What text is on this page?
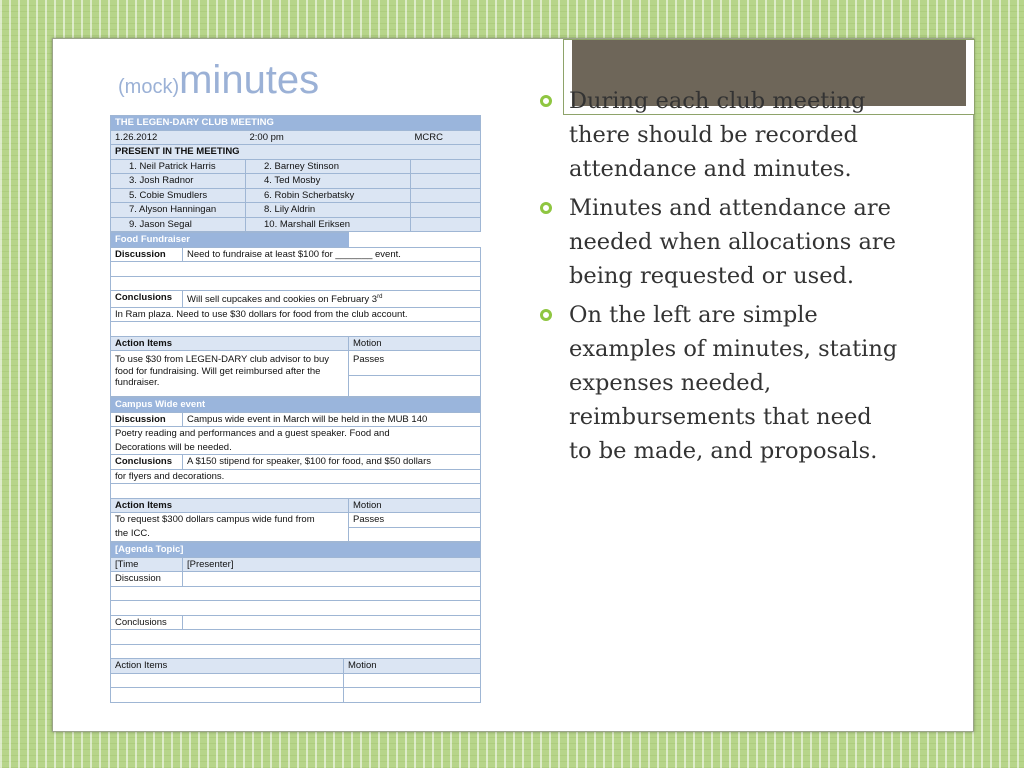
(mock)minutes
THE LEGEN-DARY CLUB MEETING		
1.26.2012	2:00 pm	MCRC
PRESENT IN THE MEETING		
1. Neil Patrick Harris	2. Barney Stinson	
3. Josh Radnor	4. Ted Mosby	
5. Cobie Smudlers	6. Robin Scherbatsky	
7. Alyson Hanningan	8. Lily Aldrin	
9. Jason Segal	10. Marshall Eriksen	
Food Fundraiser		
Discussion	Need to fundraise at least $100 for _______ event.	

Conclusions	Will sell cupcakes and cookies on February 3rd
In Ram plaza. Need to use $30 dollars for food from the club account.		

Action Items		Motion
To use $30 from LEGEN-DARY club advisor to buy food for fundraising. Will get reimbursed after the fundraiser.		Passes

Campus Wide event		
Discussion	Campus wide event in March will be held in the MUB 140	
Poetry reading and performances and a guest speaker. Food and		
Decorations will be needed.		
Conclusions	A $150 stipend for speaker, $100 for food, and $50 dollars	
for flyers and decorations.		

Action Items		Motion
To request $300 dollars campus wide fund from		Passes
the ICC.		
[Agenda Topic]		
[Time	[Presenter]	
Discussion		

Conclusions		

Action Items		Motion

During each club meeting there should be recorded attendance and minutes.
Minutes and attendance are needed when allocations are being requested or used.
On the left are simple examples of minutes, stating expenses needed, reimbursements that need to be made, and proposals.
